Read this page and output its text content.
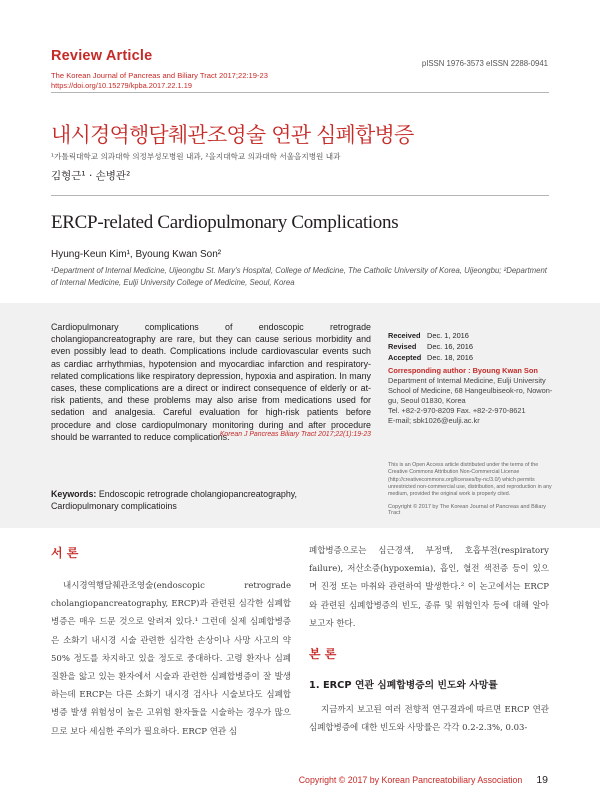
Review Article
The Korean Journal of Pancreas and Biliary Tract 2017;22:19-23
https://doi.org/10.15279/kpba.2017.22.1.19
pISSN 1976-3573 eISSN 2288-0941
내시경역행담췌관조영술 연관 심폐합병증
¹가톨릭대학교 의과대학 의정부성모병원 내과, ²을지대학교 의과대학 서울을지병원 내과
김형근¹ · 손병관²
ERCP-related Cardiopulmonary Complications
Hyung-Keun Kim¹, Byoung Kwan Son²
¹Department of Internal Medicine, Uijeongbu St. Mary's Hospital, College of Medicine, The Catholic University of Korea, Uijeongbu; ²Department of Internal Medicine, Eulji University College of Medicine, Seoul, Korea
Cardiopulmonary complications of endoscopic retrograde cholangiopancreatography are rare, but they can cause serious morbidity and even possibly lead to death. Complications include cardiovascular events such as cardiac arrhythmias, hypotension and myocardiac infarction and respiratory-related complications like respiratory depression, hypoxia and aspiration. In many cases, these complications are a direct or indirect consequence of elderly or at-risk patients, and these problems may also arise from medications used for sedation and analgesia. Careful evaluation for high-risk patients before procedure and close cardiopulmonary monitoring during and after procedure should be warranted to reduce complications.
Korean J Pancreas Biliary Tract 2017;22(1):19-23
Keywords: Endoscopic retrograde cholangiopancreatography, Cardiopulmonary complicatioins
Received Dec. 1, 2016
Revised	Dec. 16, 2016
Accepted Dec. 18, 2016
Corresponding author : Byoung Kwan Son
Department of Internal Medicine, Eulji University School of Medicine, 68 Hangeulbiseok-ro, Nowon-gu, Seoul 01830, Korea
Tel. +82-2-970-8209 Fax. +82-2-970-8621
E-mail; sbk1026@eulji.ac.kr
This is an Open Access article distributed under the terms of the Creative Commons Attribution Non-Commercial License (http://creativecommons.org/licenses/by-nc/3.0/) which permits unrestricted non-commercial use, distribution, and reproduction in any medium, provided the original work is properly cited.
Copyright © 2017 by The Korean Journal of Pancreas and Biliary Tract
서 론
내시경역행담췌관조영술(endoscopic retrograde cholangiopancreatography, ERCP)과 관련된 심각한 심폐합병증은 매우 드문 것으로 알려져 있다.¹ 그런데 실제 심폐합병증은 소화기 내시경 시술 관련한 심각한 손상이나 사망 사고의 약 50% 정도를 차지하고 있을 정도로 중대하다. 고령 환자나 심폐 질환을 앓고 있는 환자에서 시술과 관련한 심폐합병증이 잘 발생하는데 ERCP는 다른 소화기 내시경 검사나 시술보다도 심폐합병증 발생 위험성이 높은 고위험 환자들을 시술하는 경우가 많으므로 보다 세심한 주의가 필요하다. ERCP 연관 심
폐합병증으로는 심근경색, 부정맥, 호흡부전(respiratory failure), 저산소증(hypoxemia), 흡인, 혈전 색전증 등이 있으며 진정 또는 마취와 관련하여 발생한다.² 이 논고에서는 ERCP와 관련된 심폐합병증의 빈도, 종류 및 위험인자 등에 대해 알아보고자 한다.
본 론
1. ERCP 연관 심폐합병증의 빈도와 사망률
지금까지 보고된 여러 전향적 연구결과에 따르면 ERCP 연관 심폐합병증에 대한 빈도와 사망률은 각각 0.2-2.3%, 0.03-
Copyright © 2017 by Korean Pancreatobiliary Association 19
